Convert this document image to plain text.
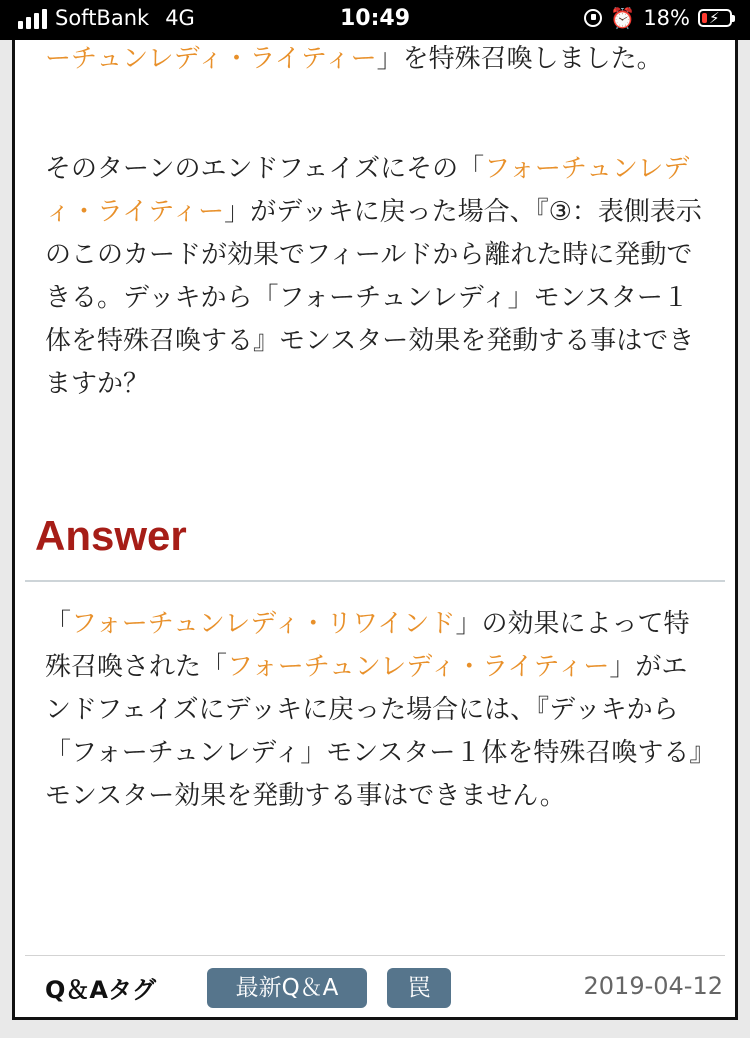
SoftBank 4G	10:49	⏰ 18% ⚡
ーチュンレディ・ライティー」を特殊召喚しました。
そのターンのエンドフェイズにその「フォーチュンレディ・ライティー」がデッキに戻った場合、『③：表側表示のこのカードが効果でフィールドから離れた時に発動できる。デッキから「フォーチュンレディ」モンスター１体を特殊召喚する』モンスター効果を発動する事はできますか？
Answer
「フォーチュンレディ・リワインド」の効果によって特殊召喚された「フォーチュンレディ・ライティー」がエンドフェイズにデッキに戻った場合には、『デッキから「フォーチュンレディ」モンスター１体を特殊召喚する』モンスター効果を発動する事はできません。
Q＆Aタグ	最新Q＆A	罠	2019-04-12
